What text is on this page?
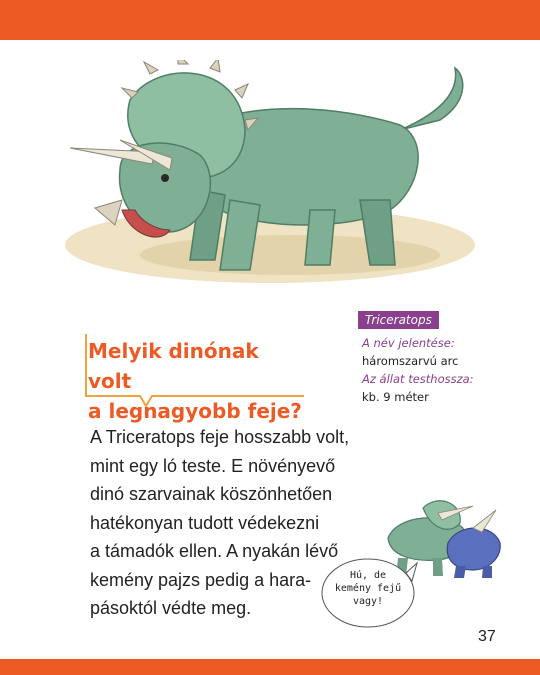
Melyik dinónak volt
a legnagyobb feje?
Triceratops
A név jelentése:
háromszarvú arc
Az állat testhossza:
kb. 9 méter
A Triceratops feje hosszabb volt,
mint egy ló teste. E növényevő
dinó szarvainak köszönhetően
hatékonyan tudott védekezni
a támadók ellen. A nyakán lévő
kemény pajzs pedig a hara-
pásoktól védte meg.
Hú, de
kemény fejű
vagy!
37
